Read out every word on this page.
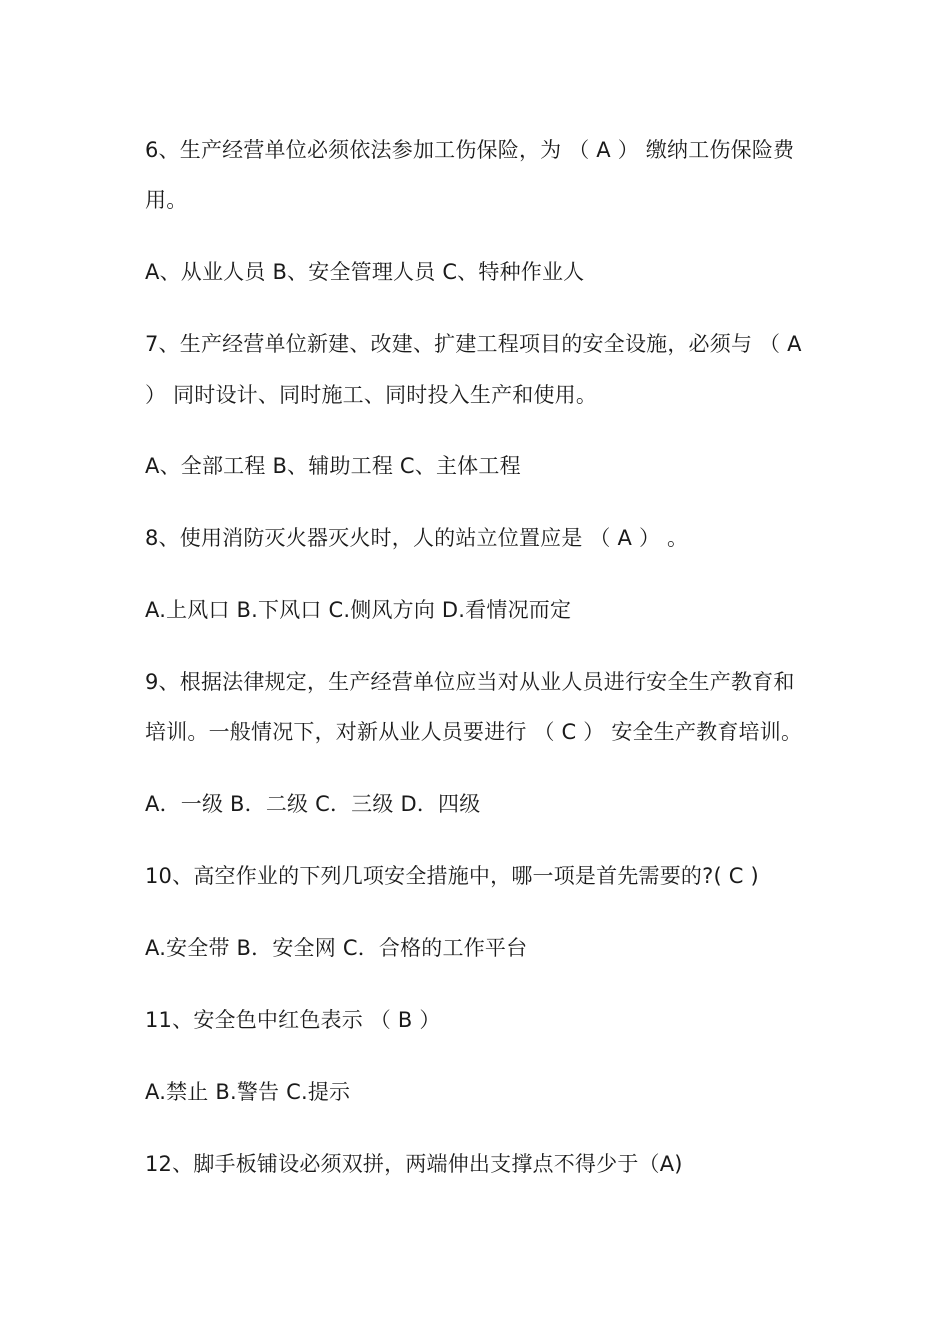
6、生产经营单位必须依法参加工伤保险，为 （ A ） 缴纳工伤保险费
用。
A、从业人员 B、安全管理人员 C、特种作业人
7、生产经营单位新建、改建、扩建工程项目的安全设施，必须与 （ A
） 同时设计、同时施工、同时投入生产和使用。
A、全部工程 B、辅助工程 C、主体工程
8、使用消防灭火器灭火时，人的站立位置应是 （ A ） 。
A.上风口 B.下风口 C.侧风方向 D.看情况而定
9、根据法律规定，生产经营单位应当对从业人员进行安全生产教育和
培训。一般情况下，对新从业人员要进行 （ C ） 安全生产教育培训。
A．一级 B．二级 C．三级 D．四级
10、高空作业的下列几项安全措施中，哪一项是首先需要的?( C )
A.安全带 B．安全网 C．合格的工作平台
11、安全色中红色表示 （ B ）
A.禁止 B.警告 C.提示
12、脚手板铺设必须双拼，两端伸出支撑点不得少于（A)
